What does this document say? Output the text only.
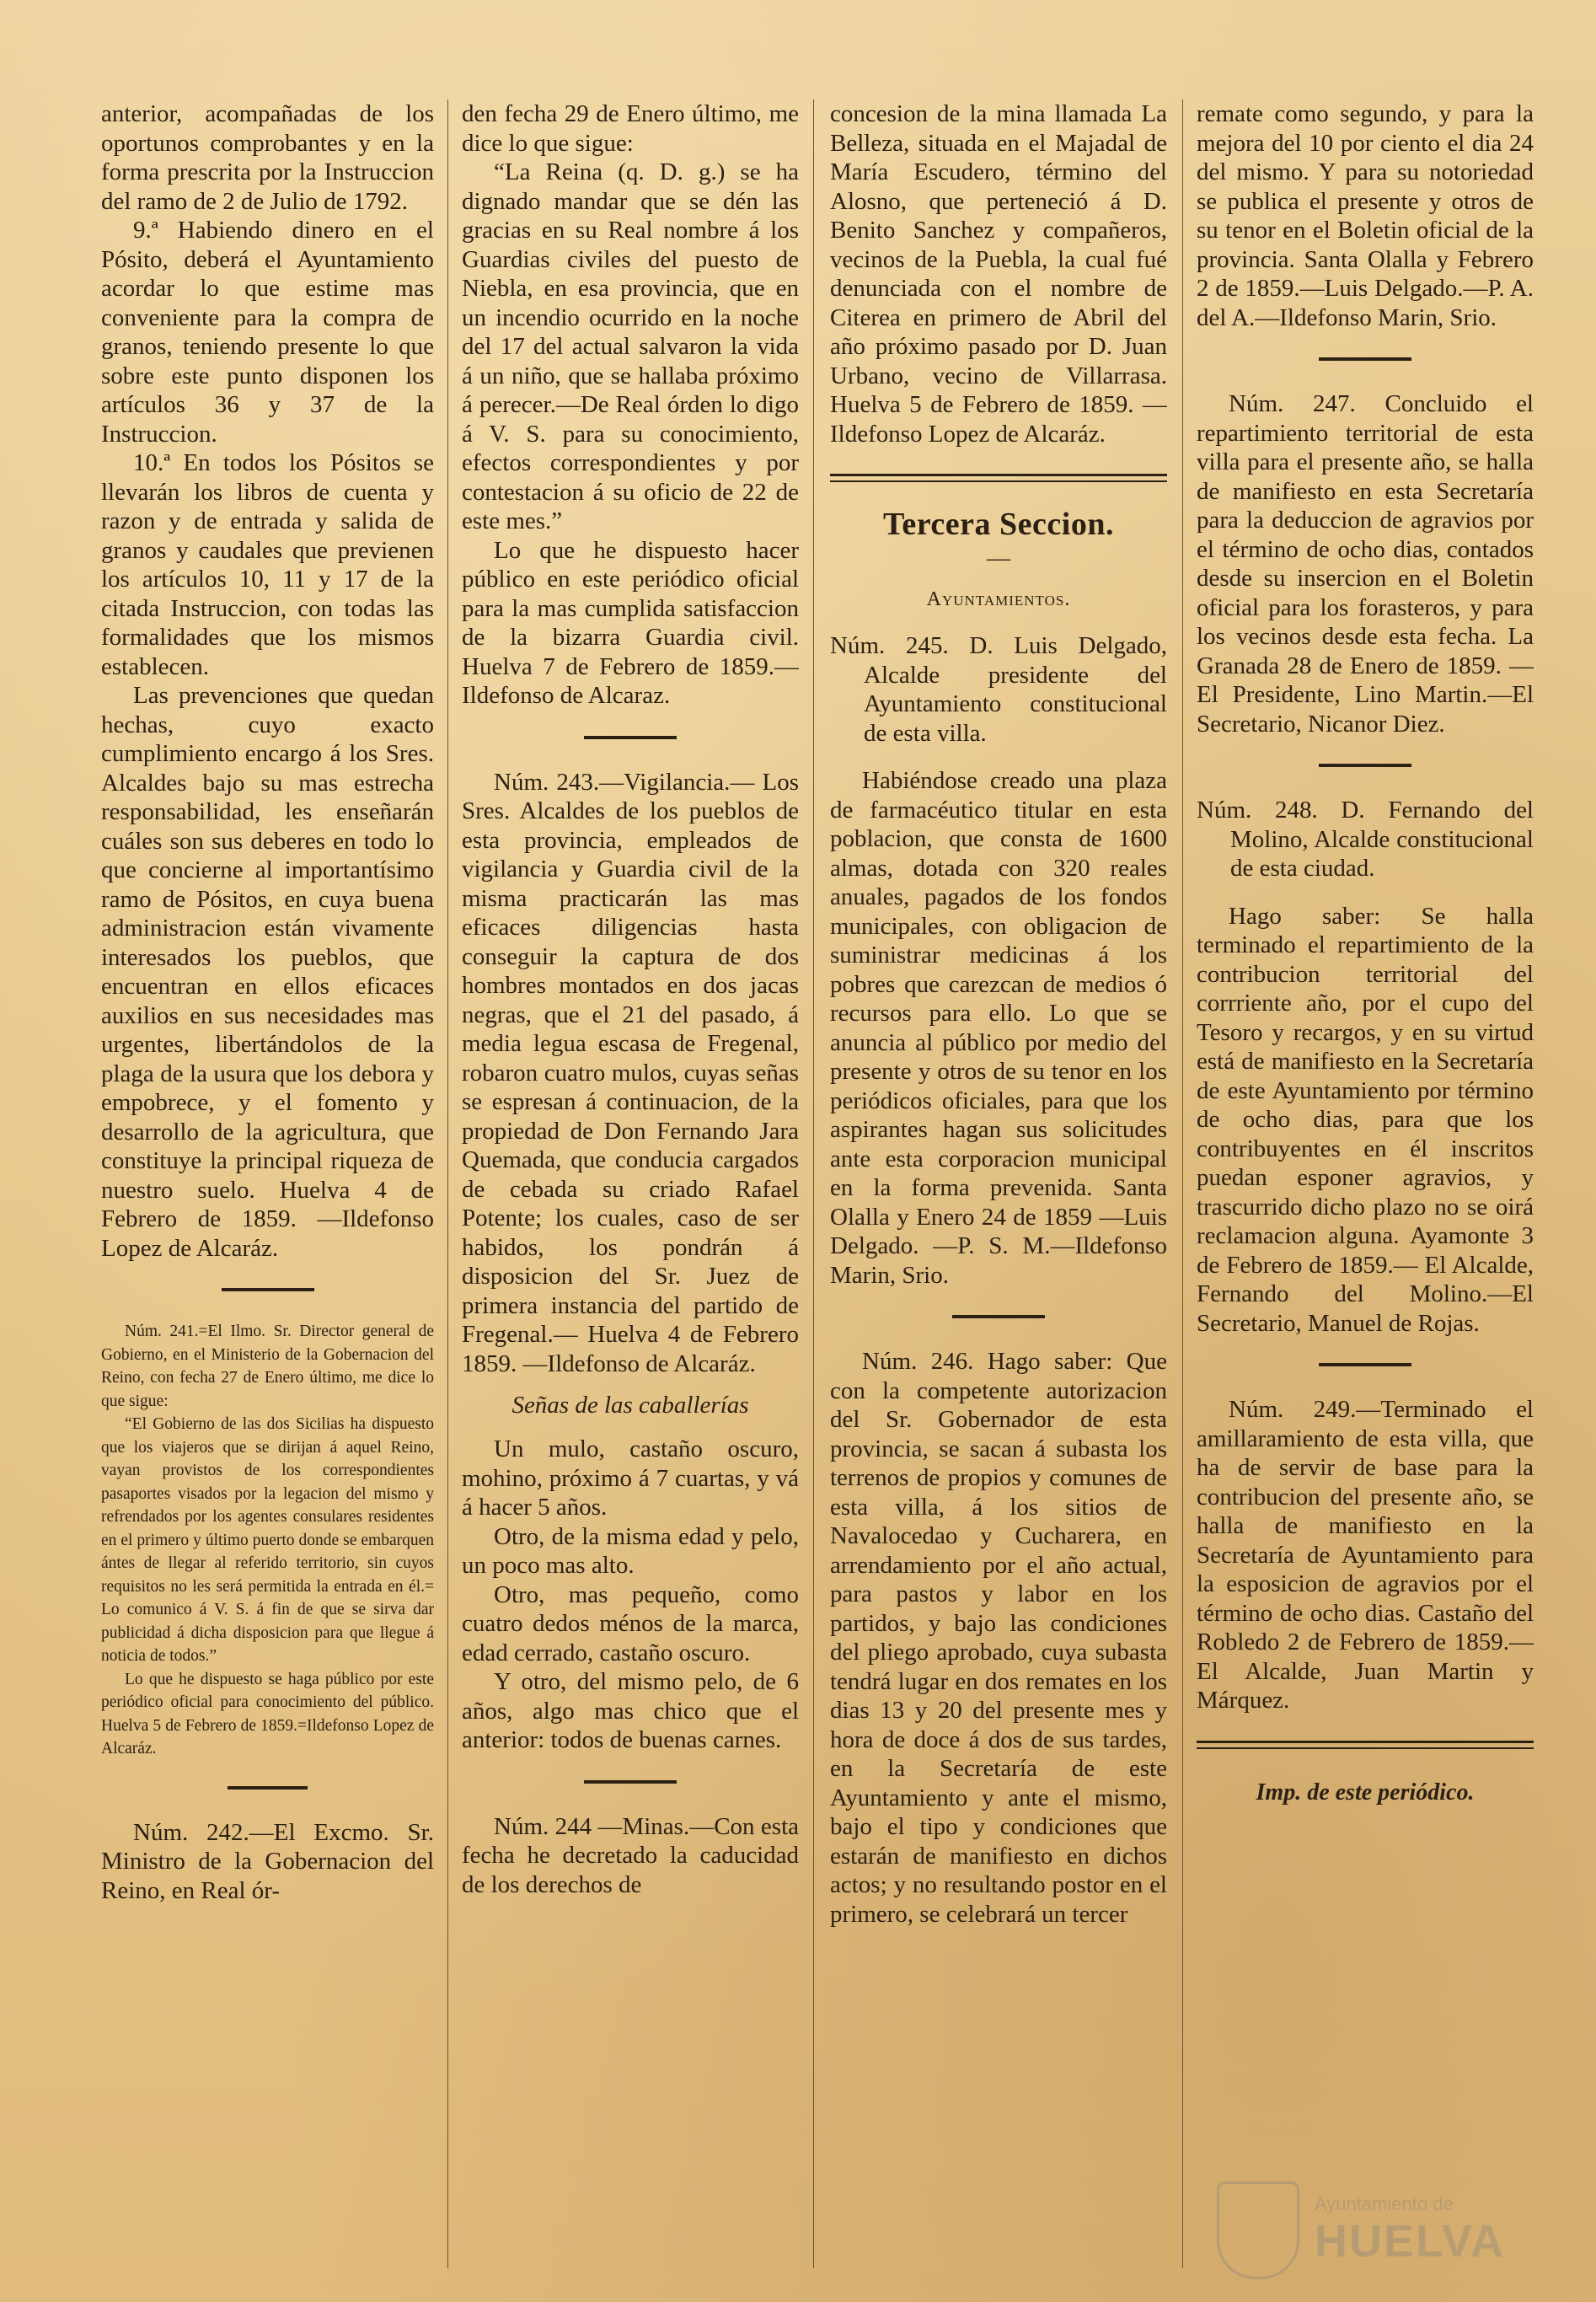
anterior, acompañadas de los oportunos comprobantes y en la forma prescrita por la Instruccion del ramo de 2 de Julio de 1792.

9.ª Habiendo dinero en el Pósito, deberá el Ayuntamiento acordar lo que estime mas conveniente para la compra de granos, teniendo presente lo que sobre este punto disponen los artículos 36 y 37 de la Instruccion.

10.ª En todos los Pósitos se llevarán los libros de cuenta y razon y de entrada y salida de granos y caudales que previenen los artículos 10, 11 y 17 de la citada Instruccion, con todas las formalidades que los mismos establecen.

Las prevenciones que quedan hechas, cuyo exacto cumplimiento encargo á los Sres. Alcaldes bajo su mas estrecha responsabilidad, les enseñarán cuáles son sus deberes en todo lo que concierne al importantísimo ramo de Pósitos, en cuya buena administracion están vivamente interesados los pueblos, que encuentran en ellos eficaces auxilios en sus necesidades mas urgentes, libertándolos de la plaga de la usura que los debora y empobrece, y el fomento y desarrollo de la agricultura, que constituye la principal riqueza de nuestro suelo. Huelva 4 de Febrero de 1859. —Ildefonso Lopez de Alcaráz.

Núm. 241.=El Ilmo. Sr. Director general de Gobierno, en el Ministerio de la Gobernacion del Reino, con fecha 27 de Enero último, me dice lo que sigue:

“El Gobierno de las dos Sicilias ha dispuesto que los viajeros que se dirijan á aquel Reino, vayan provistos de los correspondientes pasaportes visados por la legacion del mismo y refrendados por los agentes consulares residentes en el primero y último puerto donde se embarquen ántes de llegar al referido territorio, sin cuyos requisitos no les será permitida la entrada en él.= Lo comunico á V. S. á fin de que se sirva dar publicidad á dicha disposicion para que llegue á noticia de todos.”

Lo que he dispuesto se haga público por este periódico oficial para conocimiento del público. Huelva 5 de Febrero de 1859.=Ildefonso Lopez de Alcaráz.

Núm. 242.—El Excmo. Sr. Ministro de la Gobernacion del Reino, en Real ór-

den fecha 29 de Enero último, me dice lo que sigue:

“La Reina (q. D. g.) se ha dignado mandar que se dén las gracias en su Real nombre á los Guardias civiles del puesto de Niebla, en esa provincia, que en un incendio ocurrido en la noche del 17 del actual salvaron la vida á un niño, que se hallaba próximo á perecer.—De Real órden lo digo á V. S. para su conocimiento, efectos correspondientes y por contestacion á su oficio de 22 de este mes.”

Lo que he dispuesto hacer público en este periódico oficial para la mas cumplida satisfaccion de la bizarra Guardia civil. Huelva 7 de Febrero de 1859.—Ildefonso de Alcaraz.

Núm. 243.—Vigilancia.— Los Sres. Alcaldes de los pueblos de esta provincia, empleados de vigilancia y Guardia civil de la misma practicarán las mas eficaces diligencias hasta conseguir la captura de dos hombres montados en dos jacas negras, que el 21 del pasado, á media legua escasa de Fregenal, robaron cuatro mulos, cuyas señas se espresan á continuacion, de la propiedad de Don Fernando Jara Quemada, que conducia cargados de cebada su criado Rafael Potente; los cuales, caso de ser habidos, los pondrán á disposicion del Sr. Juez de primera instancia del partido de Fregenal.— Huelva 4 de Febrero 1859. —Ildefonso de Alcaráz.

Señas de las caballerías

Un mulo, castaño oscuro, mohino, próximo á 7 cuartas, y vá á hacer 5 años.

Otro, de la misma edad y pelo, un poco mas alto.

Otro, mas pequeño, como cuatro dedos ménos de la marca, edad cerrado, castaño oscuro.

Y otro, del mismo pelo, de 6 años, algo mas chico que el anterior: todos de buenas carnes.

Núm. 244 —Minas.—Con esta fecha he decretado la caducidad de los derechos de

concesion de la mina llamada La Belleza, situada en el Majadal de María Escudero, término del Alosno, que perteneció á D. Benito Sanchez y compañeros, vecinos de la Puebla, la cual fué denunciada con el nombre de Citerea en primero de Abril del año próximo pasado por D. Juan Urbano, vecino de Villarrasa. Huelva 5 de Febrero de 1859. —Ildefonso Lopez de Alcaráz.

Tercera Seccion.
—
Ayuntamientos.

Núm. 245. D. Luis Delgado, Alcalde presidente del Ayuntamiento constitucional de esta villa.

Habiéndose creado una plaza de farmacéutico titular en esta poblacion, que consta de 1600 almas, dotada con 320 reales anuales, pagados de los fondos municipales, con obligacion de suministrar medicinas á los pobres que carezcan de medios ó recursos para ello. Lo que se anuncia al público por medio del presente y otros de su tenor en los periódicos oficiales, para que los aspirantes hagan sus solicitudes ante esta corporacion municipal en la forma prevenida. Santa Olalla y Enero 24 de 1859 —Luis Delgado. —P. S. M.—Ildefonso Marin, Srio.

Núm. 246. Hago saber: Que con la competente autorizacion del Sr. Gobernador de esta provincia, se sacan á subasta los terrenos de propios y comunes de esta villa, á los sitios de Navalocedao y Cucharera, en arrendamiento por el año actual, para pastos y labor en los partidos, y bajo las condiciones del pliego aprobado, cuya subasta tendrá lugar en dos remates en los dias 13 y 20 del presente mes y hora de doce á dos de sus tardes, en la Secretaría de este Ayuntamiento y ante el mismo, bajo el tipo y condiciones que estarán de manifiesto en dichos actos; y no resultando postor en el primero, se celebrará un tercer

remate como segundo, y para la mejora del 10 por ciento el dia 24 del mismo. Y para su notoriedad se publica el presente y otros de su tenor en el Boletin oficial de la provincia. Santa Olalla y Febrero 2 de 1859.—Luis Delgado.—P. A. del A.—Ildefonso Marin, Srio.

Núm. 247. Concluido el repartimiento territorial de esta villa para el presente año, se halla de manifiesto en esta Secretaría para la deduccion de agravios por el término de ocho dias, contados desde su insercion en el Boletin oficial para los forasteros, y para los vecinos desde esta fecha. La Granada 28 de Enero de 1859. —El Presidente, Lino Martin.—El Secretario, Nicanor Diez.

Núm. 248. D. Fernando del Molino, Alcalde constitucional de esta ciudad.

Hago saber: Se halla terminado el repartimiento de la contribucion territorial del corrriente año, por el cupo del Tesoro y recargos, y en su virtud está de manifiesto en la Secretaría de este Ayuntamiento por término de ocho dias, para que los contribuyentes en él inscritos puedan esponer agravios, y trascurrido dicho plazo no se oirá reclamacion alguna. Ayamonte 3 de Febrero de 1859.— El Alcalde, Fernando del Molino.—El Secretario, Manuel de Rojas.

Núm. 249.—Terminado el amillaramiento de esta villa, que ha de servir de base para la contribucion del presente año, se halla de manifiesto en la Secretaría de Ayuntamiento para la esposicion de agravios por el término de ocho dias. Castaño del Robledo 2 de Febrero de 1859.—El Alcalde, Juan Martin y Márquez.

Imp. de este periódico.
Ayuntamiento de
HUELVA
